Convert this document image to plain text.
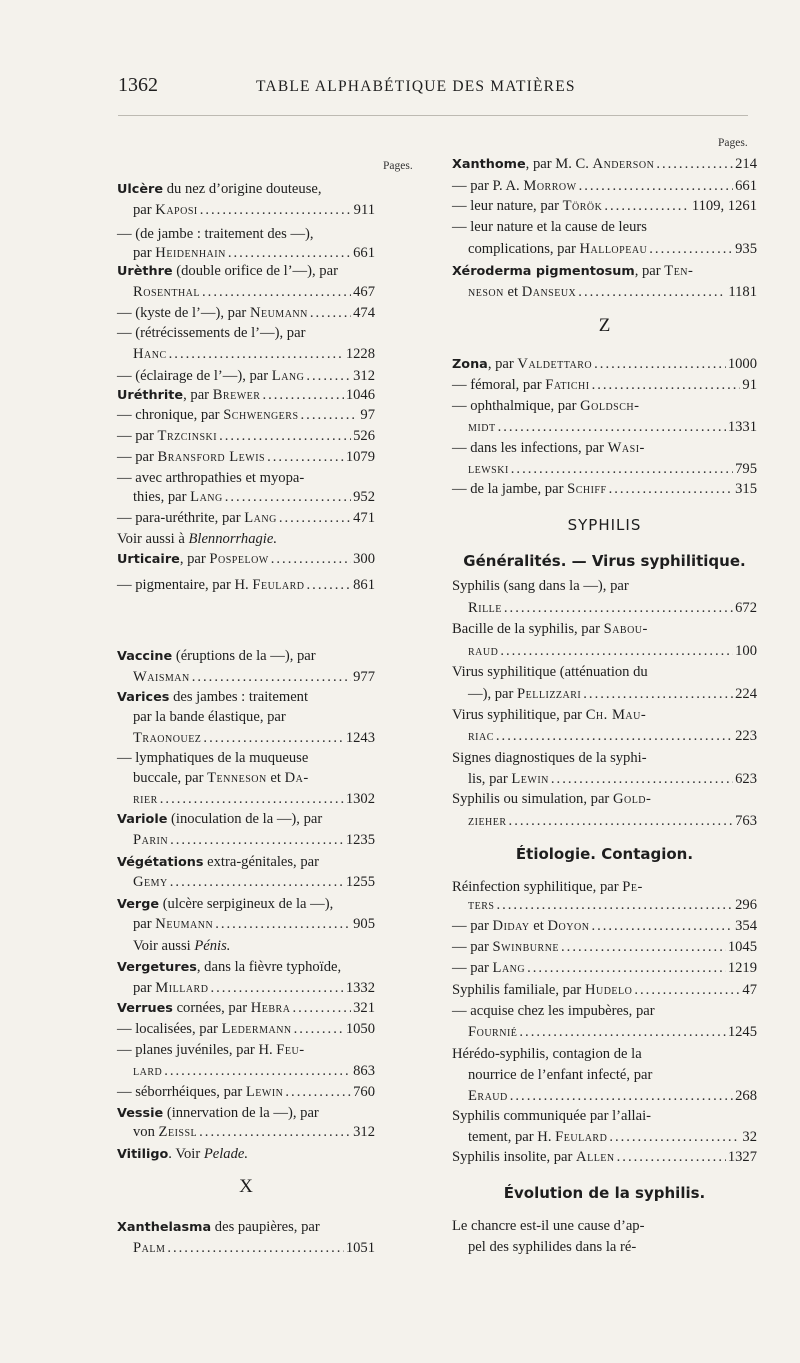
1362	TABLE ALPHABÉTIQUE DES MATIÈRES
Pages.
X
Ulcère du nez d’origine douteuse,
par Kaposi .....	911
— (de jambe : traitement des —),
par Heidenhain .....	661
Urèthre (double orifice de l’—), par
Rosenthal .....	467
— (kyste de l’—), par Neumann .....	474
— (rétrécissements de l’—), par
Hanc .....	1228
— (éclairage de l’—), par Lang .....	312
Uréthrite, par Brewer .....	1046
— chronique, par Schwengers .....	97
— par Trzcinski .....	526
— par Bransford Lewis .....	1079
— avec arthropathies et myopa-
thies, par Lang .....	952
— para-uréthrite, par Lang .....	471
Voir aussi à Blennorrhagie.
Urticaire, par Pospelow .....	300
— pigmentaire, par H. Feulard .....	861
Vaccine (éruptions de la —), par
Waisman .....	977
Varices des jambes : traitement
par la bande élastique, par
Traonouez .....	1243
— lymphatiques de la muqueuse
buccale, par Tenneson et Da-
rier .....	1302
Variole (inoculation de la —), par
Parin .....	1235
Végétations extra-génitales, par
Gemy .....	1255
Verge (ulcère serpigineux de la —),
par Neumann .....	905
Voir aussi Pénis.
Vergetures, dans la fièvre typhoïde,
par Millard .....	1332
Verrues cornées, par Hebra .....	321
— localisées, par Ledermann .....	1050
— planes juvéniles, par H. Feu-
lard .....	863
— séborrhéiques, par Lewin .....	760
Vessie (innervation de la —), par
von Zeissl .....	312
Vitiligo. Voir Pelade.
Xanthelasma des paupières, par
Palm .....	1051
Pages.
Z
SYPHILIS
Généralités. — Virus syphilitique.
Étiologie. Contagion.
Évolution de la syphilis.
Xanthome, par M. C. Anderson .....	214
— par P. A. Morrow .....	661
— leur nature, par Török .....	1109, 1261
— leur nature et la cause de leurs
complications, par Hallopeau .....	935
Xéroderma pigmentosum, par Ten-
neson et Danseux .....	1181
Zona, par Valdettaro .....	1000
— fémoral, par Fatichi .....	91
— ophthalmique, par Goldsch-
midt .....	1331
— dans les infections, par Wasi-
lewski .....	795
— de la jambe, par Schiff .....	315
Syphilis (sang dans la —), par
Rille .....	672
Bacille de la syphilis, par Sabou-
raud .....	100
Virus syphilitique (atténuation du
—), par Pellizzari .....	224
Virus syphilitique, par Ch. Mau-
riac .....	223
Signes diagnostiques de la syphi-
lis, par Lewin .....	623
Syphilis ou simulation, par Gold-
zieher .....	763
Réinfection syphilitique, par Pe-
ters .....	296
— par Diday et Doyon .....	354
— par Swinburne .....	1045
— par Lang .....	1219
Syphilis familiale, par Hudelo .....	47
— acquise chez les impubères, par
Fournié .....	1245
Hérédo-syphilis, contagion de la
nourrice de l’enfant infecté, par
Eraud .....	268
Syphilis communiquée par l’allai-
tement, par H. Feulard .....	32
Syphilis insolite, par Allen .....	1327
Le chancre est-il une cause d’ap-
pel des syphilides dans la ré-
